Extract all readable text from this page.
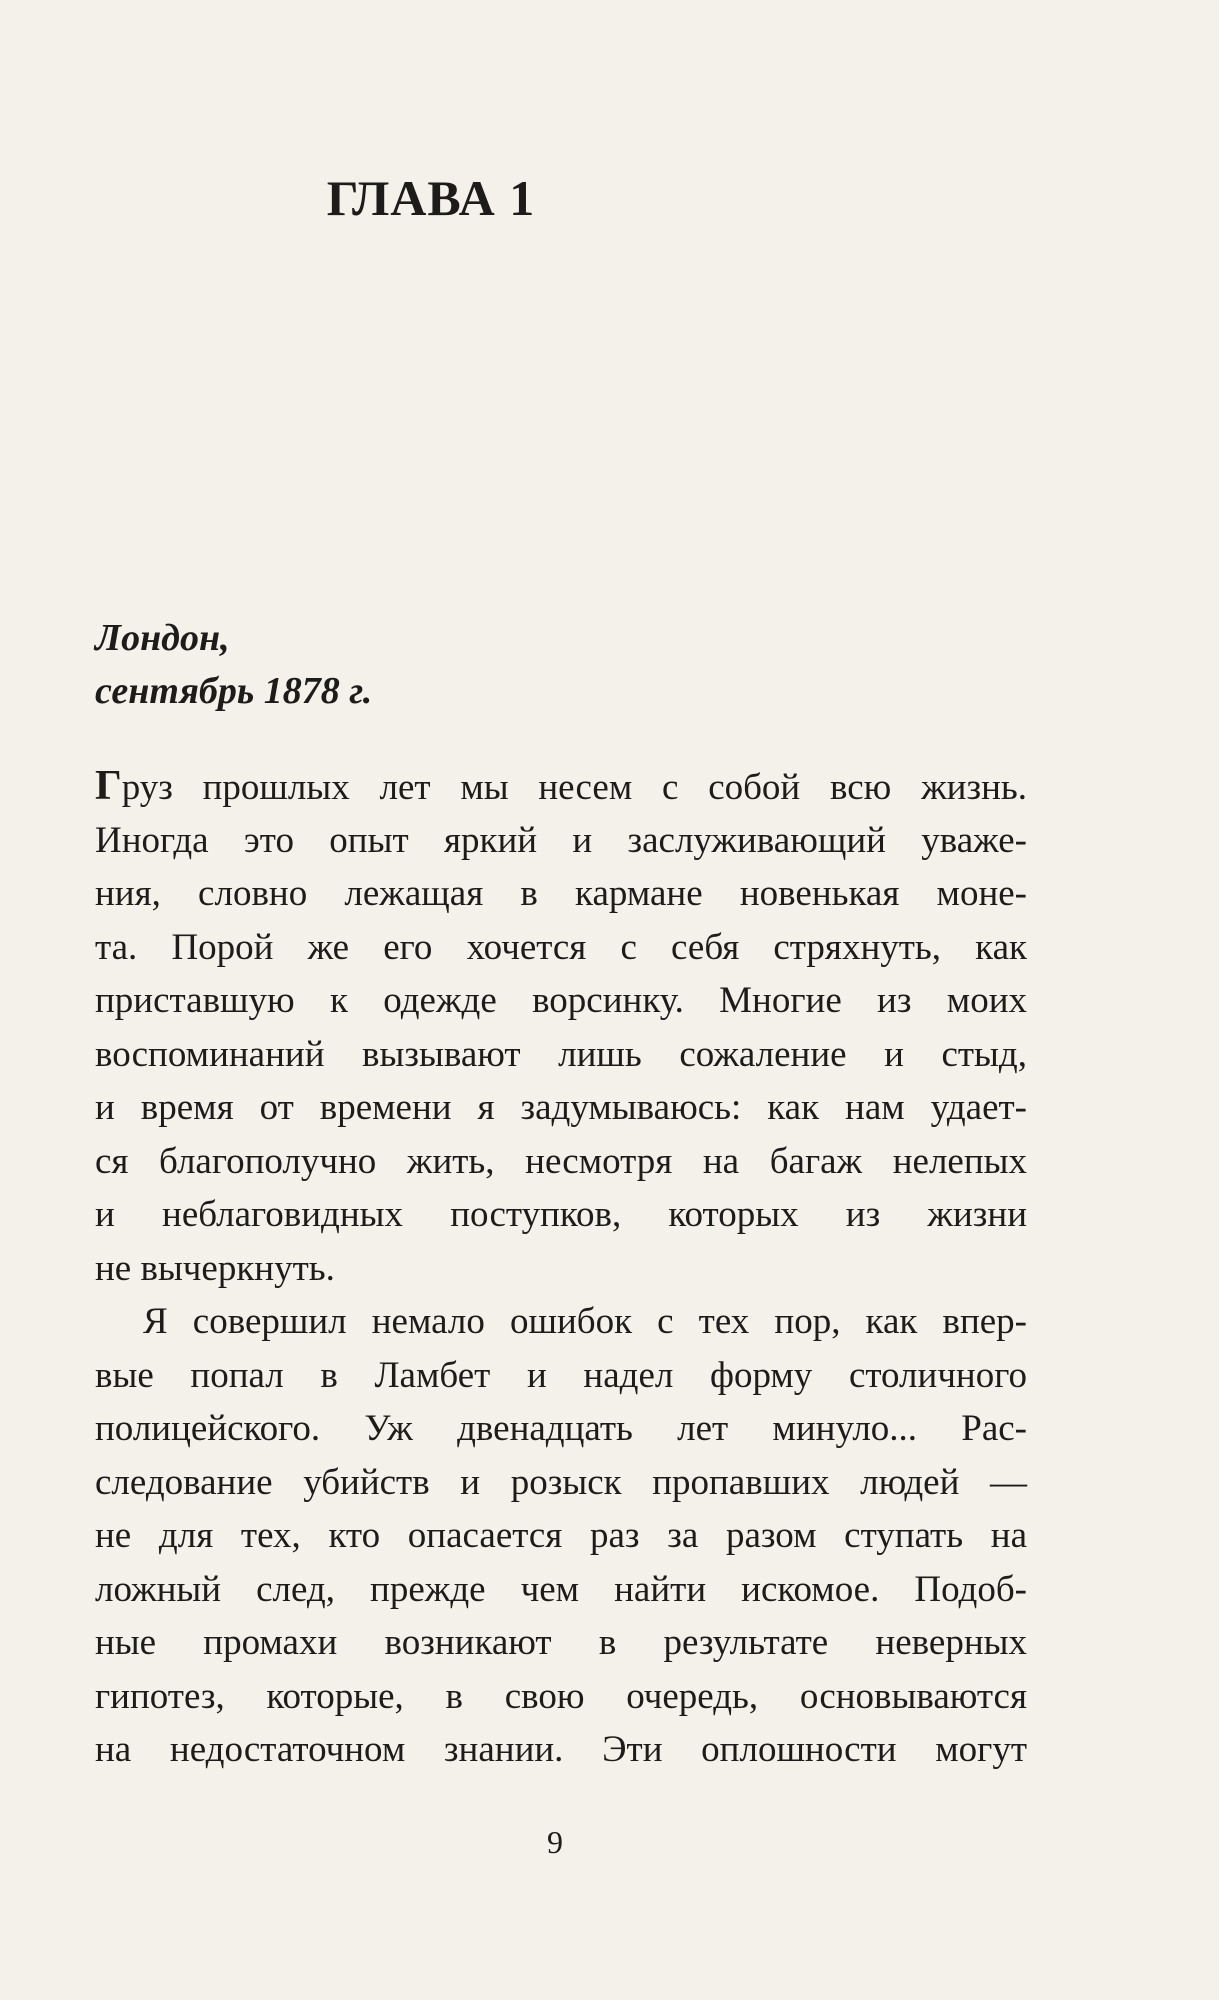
ГЛАВА 1
Лондон,
сентябрь 1878 г.
Груз прошлых лет мы несем с собой всю жизнь.
Иногда это опыт яркий и заслуживающий уваже-
ния, словно лежащая в кармане новенькая моне-
та. Порой же его хочется с себя стряхнуть, как
приставшую к одежде ворсинку. Многие из моих
воспоминаний вызывают лишь сожаление и стыд,
и время от времени я задумываюсь: как нам удает-
ся благополучно жить, несмотря на багаж нелепых
и неблаговидных поступков, которых из жизни
не вычеркнуть.
Я совершил немало ошибок с тех пор, как впер-
вые попал в Ламбет и надел форму столичного
полицейского. Уж двенадцать лет минуло... Рас-
следование убийств и розыск пропавших людей —
не для тех, кто опасается раз за разом ступать на
ложный след, прежде чем найти искомое. Подоб-
ные промахи возникают в результате неверных
гипотез, которые, в свою очередь, основываются
на недостаточном знании. Эти оплошности могут
9
